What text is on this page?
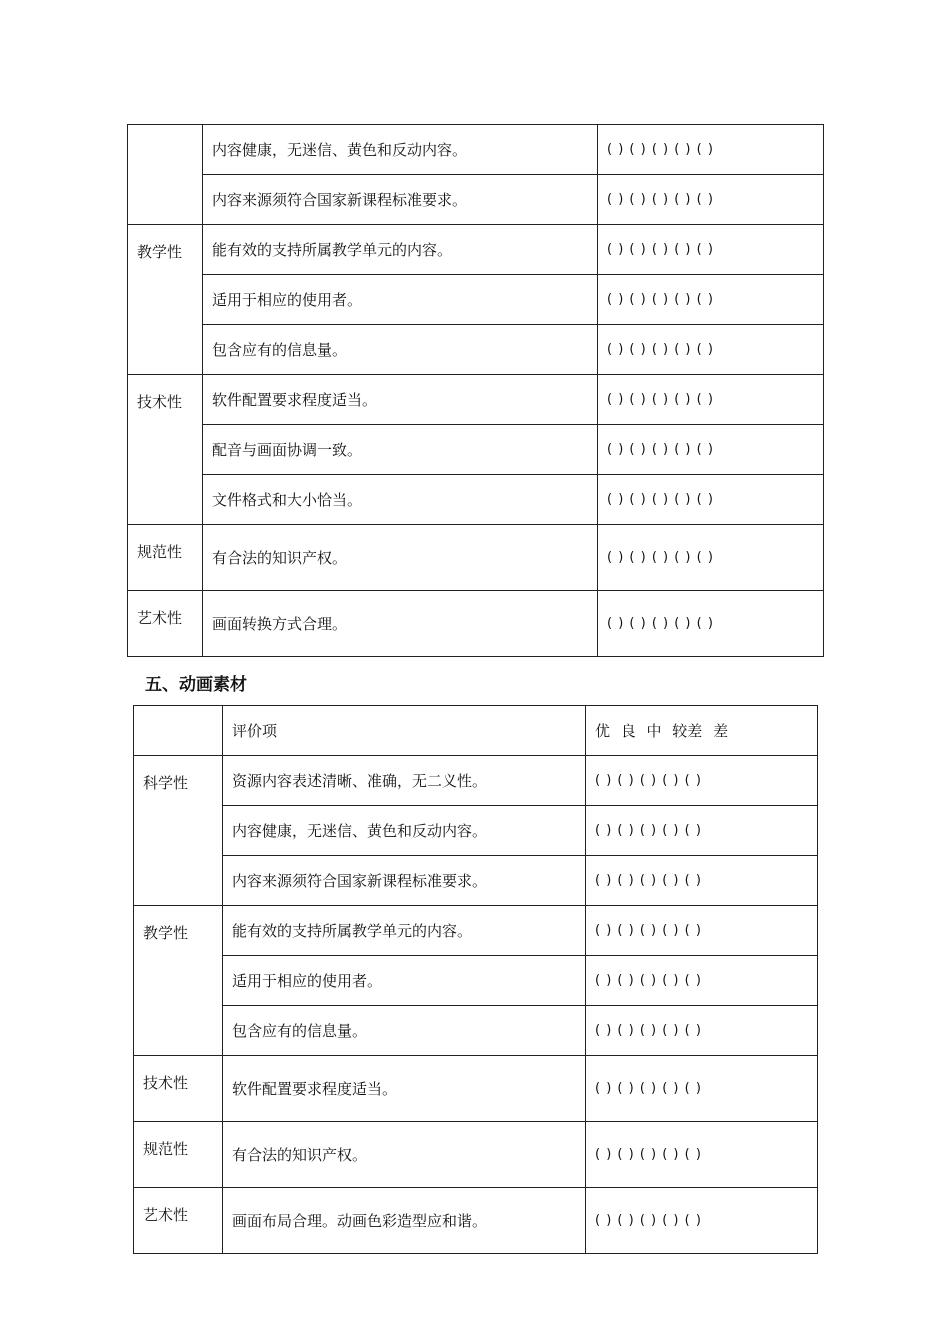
	内容健康，无迷信、黄色和反动内容。	( ) ( ) ( ) ( ) ( )
	内容来源须符合国家新课程标准要求。	( ) ( ) ( ) ( ) ( )
教学性	能有效的支持所属教学单元的内容。	( ) ( ) ( ) ( ) ( )
	适用于相应的使用者。	( ) ( ) ( ) ( ) ( )
	包含应有的信息量。	( ) ( ) ( ) ( ) ( )
技术性	软件配置要求程度适当。	( ) ( ) ( ) ( ) ( )
	配音与画面协调一致。	( ) ( ) ( ) ( ) ( )
	文件格式和大小恰当。	( ) ( ) ( ) ( ) ( )
规范性	有合法的知识产权。	( ) ( ) ( ) ( ) ( )
艺术性	画面转换方式合理。	( ) ( ) ( ) ( ) ( )
五、动画素材
	评价项	优 良 中 较差 差
科学性	资源内容表述清晰、准确，无二义性。	( ) ( ) ( ) ( ) ( )
	内容健康，无迷信、黄色和反动内容。	( ) ( ) ( ) ( ) ( )
	内容来源须符合国家新课程标准要求。	( ) ( ) ( ) ( ) ( )
教学性	能有效的支持所属教学单元的内容。	( ) ( ) ( ) ( ) ( )
	适用于相应的使用者。	( ) ( ) ( ) ( ) ( )
	包含应有的信息量。	( ) ( ) ( ) ( ) ( )
技术性	软件配置要求程度适当。	( ) ( ) ( ) ( ) ( )
规范性	有合法的知识产权。	( ) ( ) ( ) ( ) ( )
艺术性	画面布局合理。动画色彩造型应和谐。	( ) ( ) ( ) ( ) ( )
